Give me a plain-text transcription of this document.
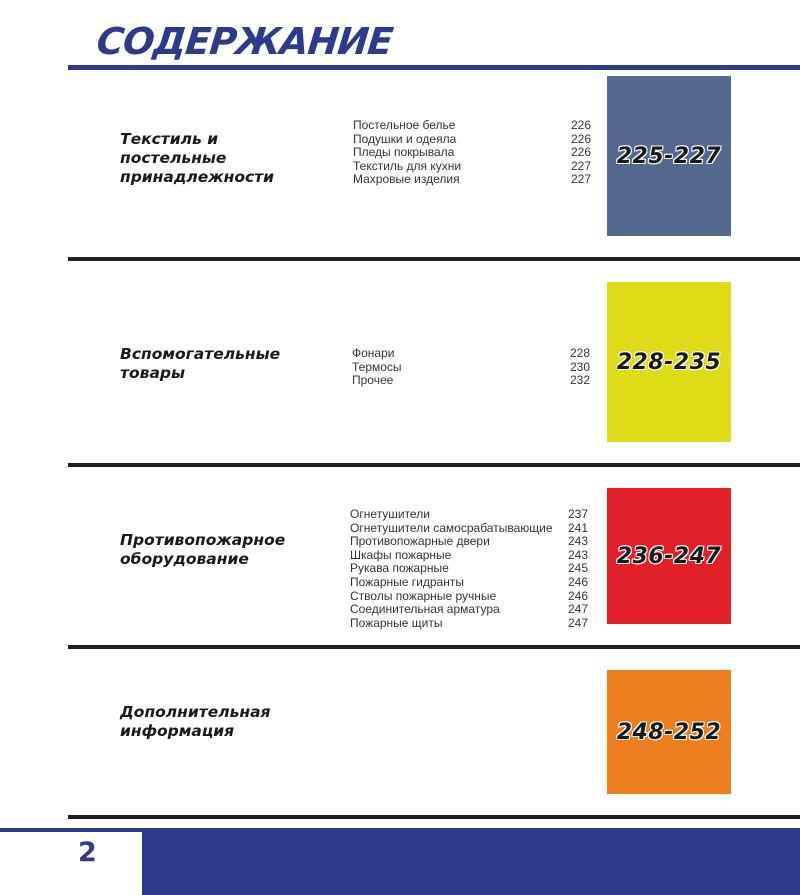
СОДЕРЖАНИЕ
Текстиль и
постельные
принадлежности
Постельное белье	226
Подушки и одеяла	226
Пледы покрывала	226
Текстиль для кухни	227
Махровые изделия	227
225-227
Вспомогательные
товары
Фонари	228
Термосы	230
Прочее	232
228-235
Противопожарное
оборудование
Огнетушители	237
Огнетушители самосрабатывающие	241
Противопожарные двери	243
Шкафы пожарные	243
Рукава пожарные	245
Пожарные гидранты	246
Стволы пожарные ручные	246
Соединительная арматура	247
Пожарные щиты	247
236-247
Дополнительная
информация	248-252
2
